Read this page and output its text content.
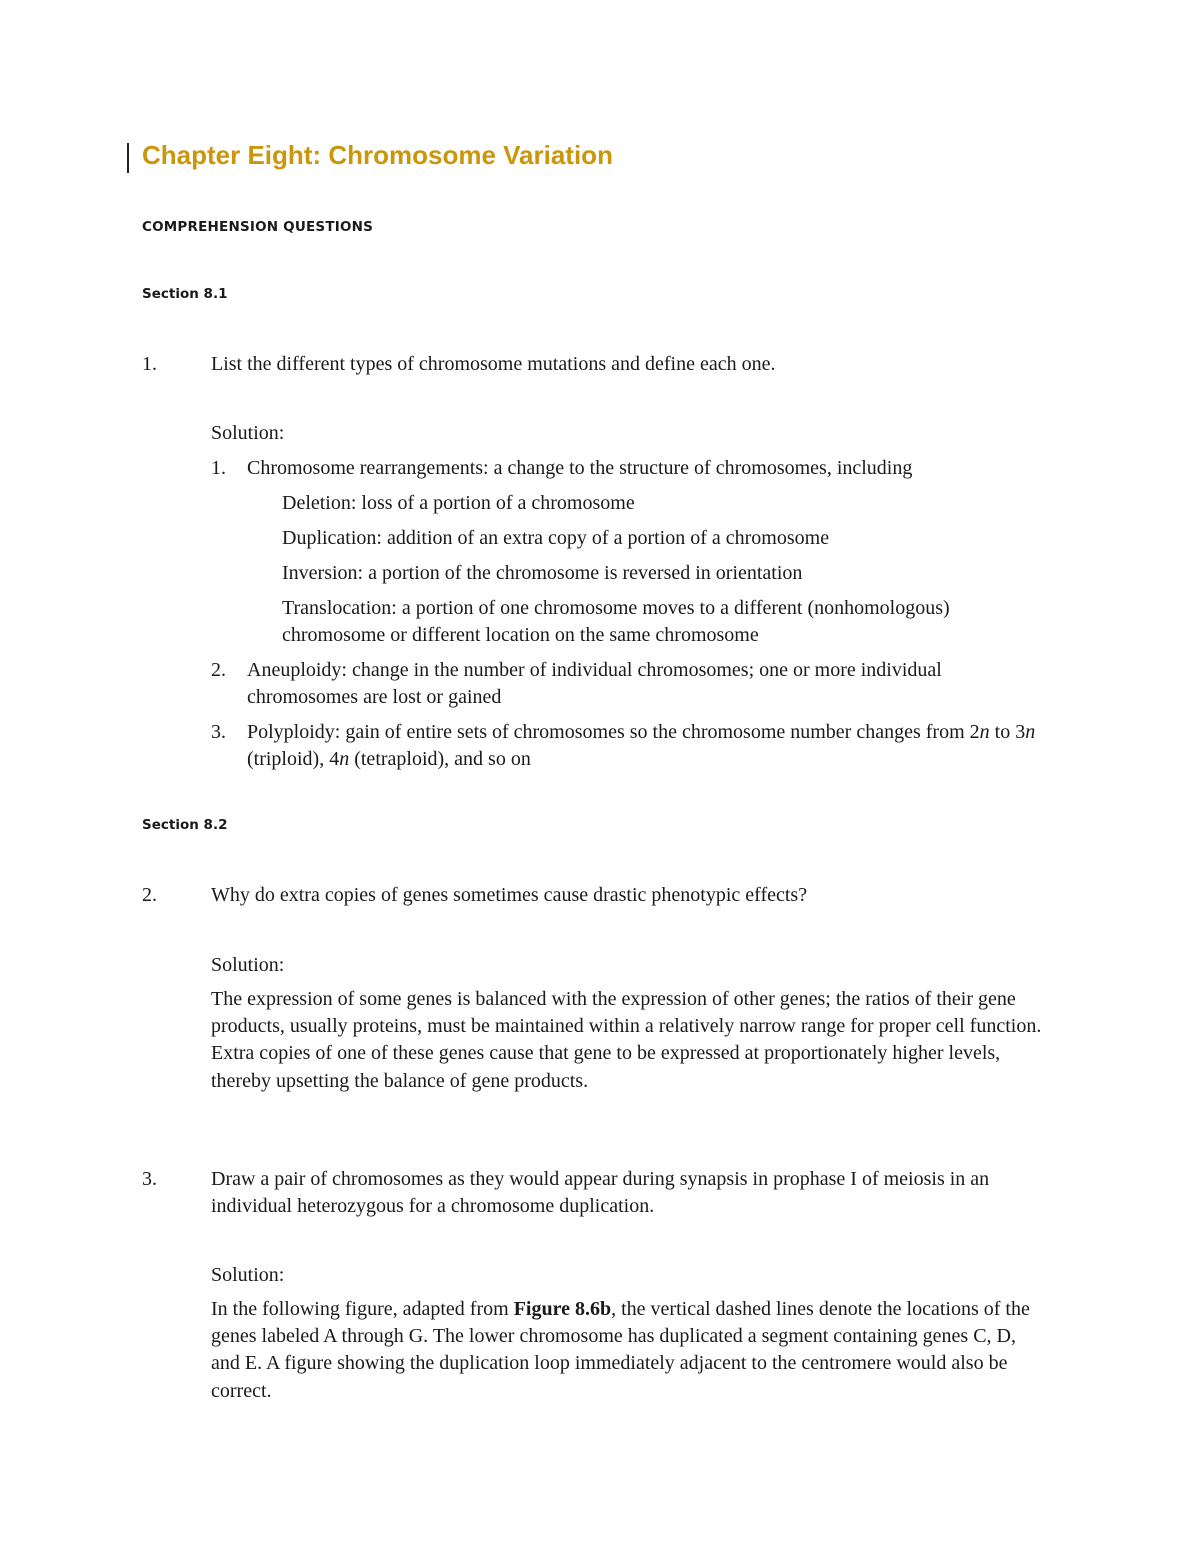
Chapter Eight: Chromosome Variation
COMPREHENSION QUESTIONS
Section 8.1
1.	List the different types of chromosome mutations and define each one.
Solution:
1. Chromosome rearrangements: a change to the structure of chromosomes, including
Deletion: loss of a portion of a chromosome
Duplication: addition of an extra copy of a portion of a chromosome
Inversion: a portion of the chromosome is reversed in orientation
Translocation: a portion of one chromosome moves to a different (nonhomologous) chromosome or different location on the same chromosome
2. Aneuploidy: change in the number of individual chromosomes; one or more individual chromosomes are lost or gained
3. Polyploidy: gain of entire sets of chromosomes so the chromosome number changes from 2n to 3n (triploid), 4n (tetraploid), and so on
Section 8.2
2.	Why do extra copies of genes sometimes cause drastic phenotypic effects?
Solution:
The expression of some genes is balanced with the expression of other genes; the ratios of their gene products, usually proteins, must be maintained within a relatively narrow range for proper cell function. Extra copies of one of these genes cause that gene to be expressed at proportionately higher levels, thereby upsetting the balance of gene products.
3.	Draw a pair of chromosomes as they would appear during synapsis in prophase I of meiosis in an individual heterozygous for a chromosome duplication.
Solution:
In the following figure, adapted from Figure 8.6b, the vertical dashed lines denote the locations of the genes labeled A through G. The lower chromosome has duplicated a segment containing genes C, D, and E. A figure showing the duplication loop immediately adjacent to the centromere would also be correct.
